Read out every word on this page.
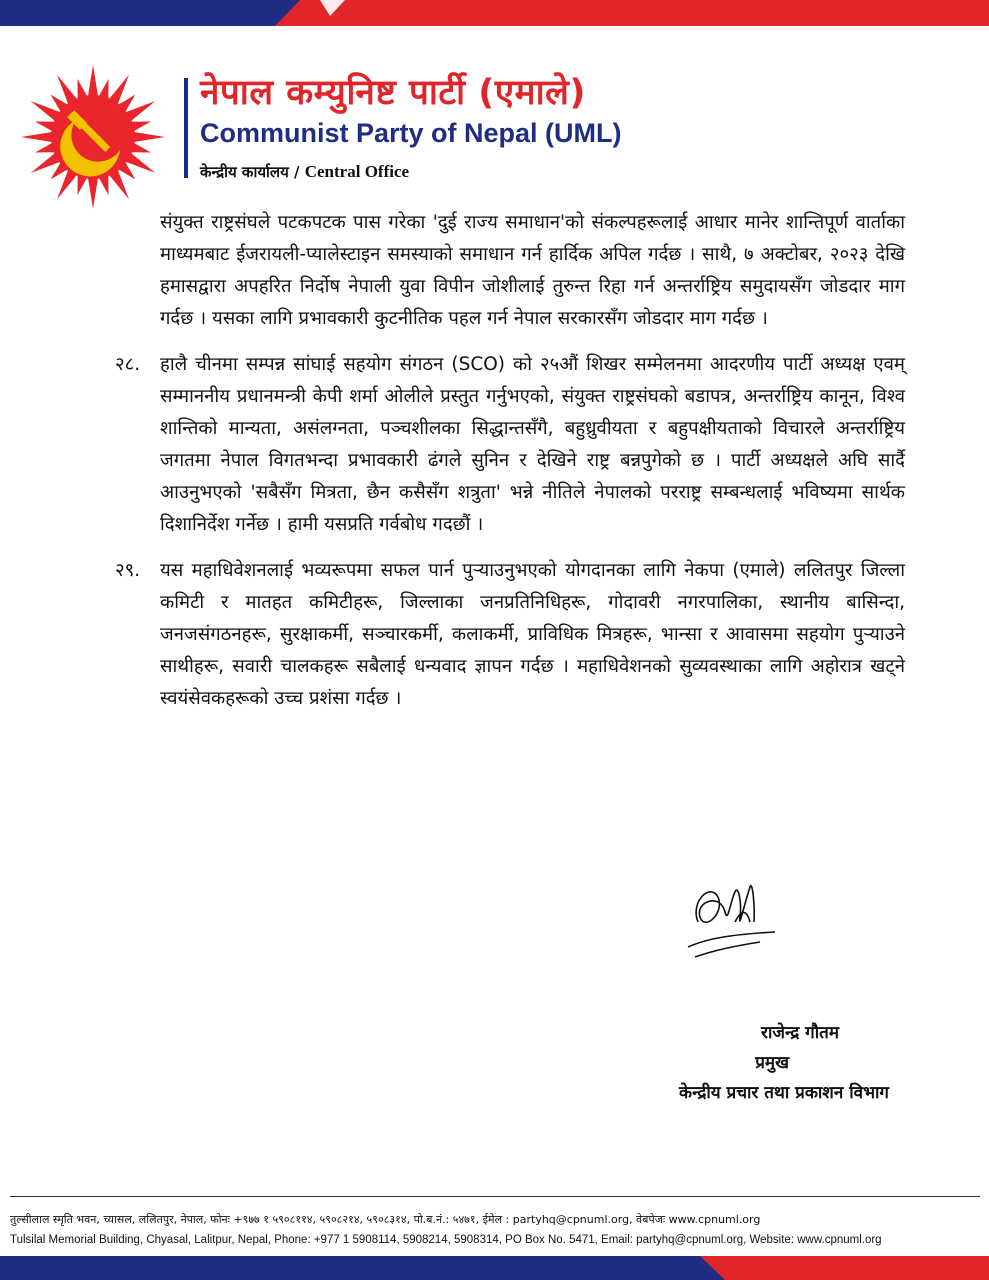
नेपाल कम्युनिष्ट पार्टी (एमाले)
Communist Party of Nepal (UML)
केन्द्रीय कार्यालय / Central Office
संयुक्त राष्ट्रसंघले पटकपटक पास गरेका 'दुई राज्य समाधान'को संकल्पहरूलाई आधार मानेर शान्तिपूर्ण वार्ताका माध्यमबाट ईजरायली-प्यालेस्टाइन समस्याको समाधान गर्न हार्दिक अपिल गर्दछ । साथै, ७ अक्टोबर, २०२३ देखि हमासद्वारा अपहरित निर्दोष नेपाली युवा विपीन जोशीलाई तुरुन्त रिहा गर्न अन्तर्राष्ट्रिय समुदायसँग जोडदार माग गर्दछ । यसका लागि प्रभावकारी कुटनीतिक पहल गर्न नेपाल सरकारसँग जोडदार माग गर्दछ ।
२८.	हालै चीनमा सम्पन्न सांघाई सहयोग संगठन (SCO) को २५औं शिखर सम्मेलनमा आदरणीय पार्टी अध्यक्ष एवम् सम्माननीय प्रधानमन्त्री केपी शर्मा ओलीले प्रस्तुत गर्नुभएको, संयुक्त राष्ट्रसंघको बडापत्र, अन्तर्राष्ट्रिय कानून, विश्व शान्तिको मान्यता, असंलग्नता, पञ्चशीलका सिद्धान्तसँगै, बहुध्रुवीयता र बहुपक्षीयताको विचारले अन्तर्राष्ट्रिय जगतमा नेपाल विगतभन्दा प्रभावकारी ढंगले सुनिन र देखिने राष्ट्र बन्नपुगेको छ । पार्टी अध्यक्षले अघि सार्दै आउनुभएको 'सबैसँग मित्रता, छैन कसैसँग शत्रुता' भन्ने नीतिले नेपालको परराष्ट्र सम्बन्धलाई भविष्यमा सार्थक दिशानिर्देश गर्नेछ । हामी यसप्रति गर्वबोध गदछौं ।
२९.	यस महाधिवेशनलाई भव्यरूपमा सफल पार्न पुर्‍याउनुभएको योगदानका लागि नेकपा (एमाले) ललितपुर जिल्ला कमिटी र मातहत कमिटीहरू, जिल्लाका जनप्रतिनिधिहरू, गोदावरी नगरपालिका, स्थानीय बासिन्दा, जनजसंगठनहरू, सुरक्षाकर्मी, सञ्चारकर्मी, कलाकर्मी, प्राविधिक मित्रहरू, भान्सा र आवासमा सहयोग पुर्‍याउने साथीहरू, सवारी चालकहरू सबैलाई धन्यवाद ज्ञापन गर्दछ । महाधिवेशनको सुव्यवस्थाका लागि अहोरात्र खट्ने स्वयंसेवकहरूको उच्च प्रशंसा गर्दछ ।
राजेन्द्र गौतम
प्रमुख
केन्द्रीय प्रचार तथा प्रकाशन विभाग
तुल्सीलाल स्मृति भवन, च्यासल, ललितपुर, नेपाल, फोनः +९७७ १ ५९०८११४, ५९०८२१४, ५९०८३१४, पो.ब.नं.: ५४७१, ईमेल : partyhq@cpnuml.org, वेबपेजः www.cpnuml.org
Tulsilal Memorial Building, Chyasal, Lalitpur, Nepal, Phone: +977 1 5908114, 5908214, 5908314, PO Box No. 5471, Email: partyhq@cpnuml.org, Website: www.cpnuml.org
